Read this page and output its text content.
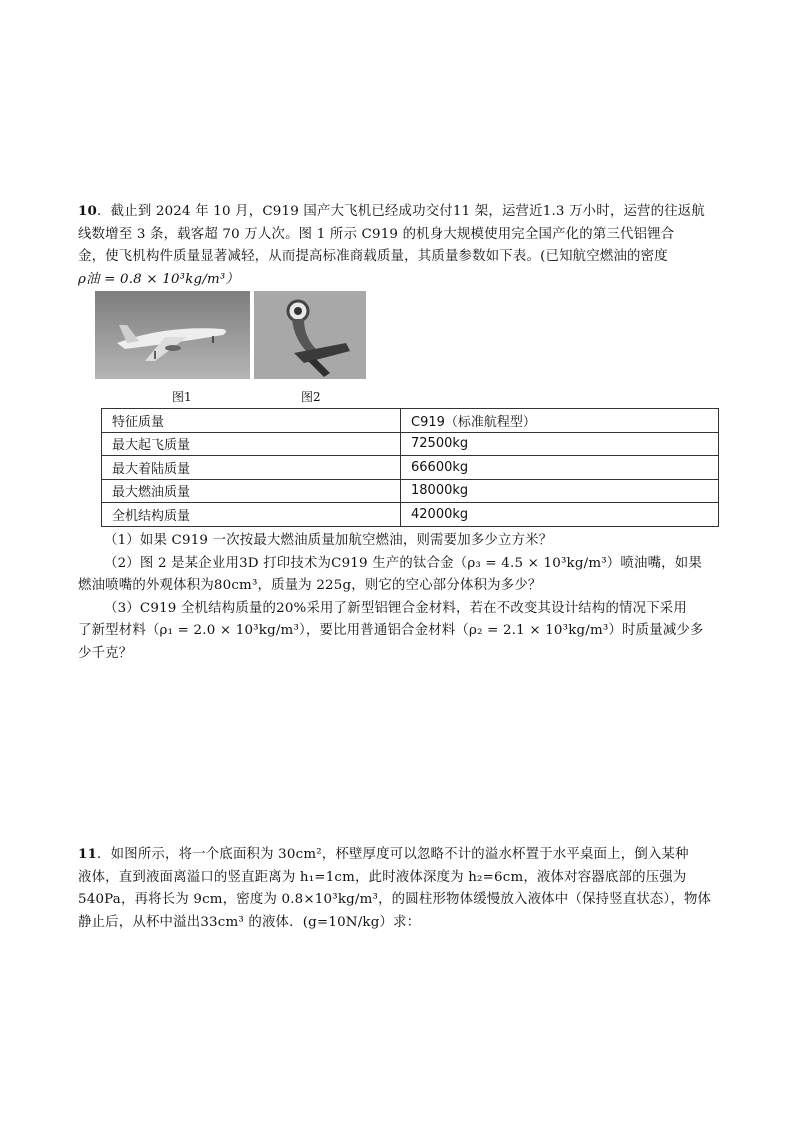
10．截止到 2024 年 10 月，C919 国产大飞机已经成功交付11 架，运营近1.3 万小时，运营的往返航
线数增至 3 条，载客超 70 万人次。图 1 所示 C919 的机身大规模使用完全国产化的第三代铝锂合
金，使飞机构件质量显著减轻，从而提高标准商载质量，其质量参数如下表。(已知航空燃油的密度
ρ油 = 0.8 × 10³kg/m³）
图1	图2
特征质量	C919（标准航程型）
最大起飞质量	72500kg
最大着陆质量	66600kg
最大燃油质量	18000kg
全机结构质量	42000kg
（1）如果 C919 一次按最大燃油质量加航空燃油，则需要加多少立方米？
（2）图 2 是某企业用3D 打印技术为C919 生产的钛合金（ρ₃ = 4.5 × 10³kg/m³）喷油嘴，如果
燃油喷嘴的外观体积为80cm³，质量为 225g，则它的空心部分体积为多少？
（3）C919 全机结构质量的20%采用了新型铝锂合金材料，若在不改变其设计结构的情况下采用
了新型材料（ρ₁ = 2.0 × 10³kg/m³），要比用普通铝合金材料（ρ₂ = 2.1 × 10³kg/m³）时质量减少多
少千克？
11．如图所示，将一个底面积为 30cm²，杯壁厚度可以忽略不计的溢水杯置于水平桌面上，倒入某种
液体，直到液面离溢口的竖直距离为 h₁=1cm，此时液体深度为 h₂=6cm，液体对容器底部的压强为
540Pa，再将长为 9cm，密度为 0.8×10³kg/m³，的圆柱形物体缓慢放入液体中（保持竖直状态），物体
静止后，从杯中溢出33cm³ 的液体．(g=10N/kg）求：
